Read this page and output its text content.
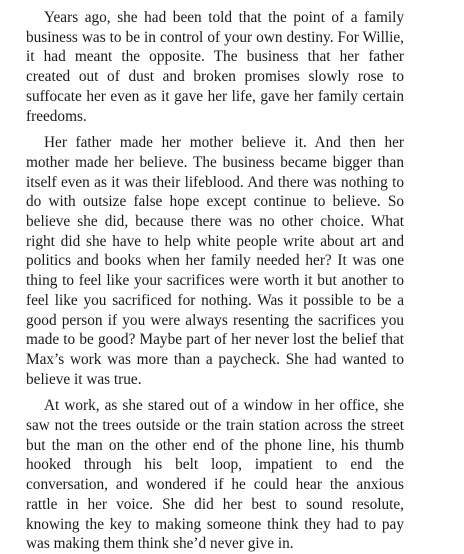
Years ago, she had been told that the point of a family business was to be in control of your own destiny. For Willie, it had meant the opposite. The business that her father created out of dust and broken promises slowly rose to suffocate her even as it gave her life, gave her family certain freedoms.

Her father made her mother believe it. And then her mother made her believe. The business became bigger than itself even as it was their lifeblood. And there was nothing to do with outsize false hope except continue to believe. So believe she did, because there was no other choice. What right did she have to help white people write about art and politics and books when her family needed her? It was one thing to feel like your sacrifices were worth it but another to feel like you sacrificed for nothing. Was it possible to be a good person if you were always resenting the sacrifices you made to be good? Maybe part of her never lost the belief that Max’s work was more than a paycheck. She had wanted to believe it was true.

At work, as she stared out of a window in her office, she saw not the trees outside or the train station across the street but the man on the other end of the phone line, his thumb hooked through his belt loop, impatient to end the conversation, and wondered if he could hear the anxious rattle in her voice. She did her best to sound resolute, knowing the key to making someone think they had to pay was making them think she’d never give in.
